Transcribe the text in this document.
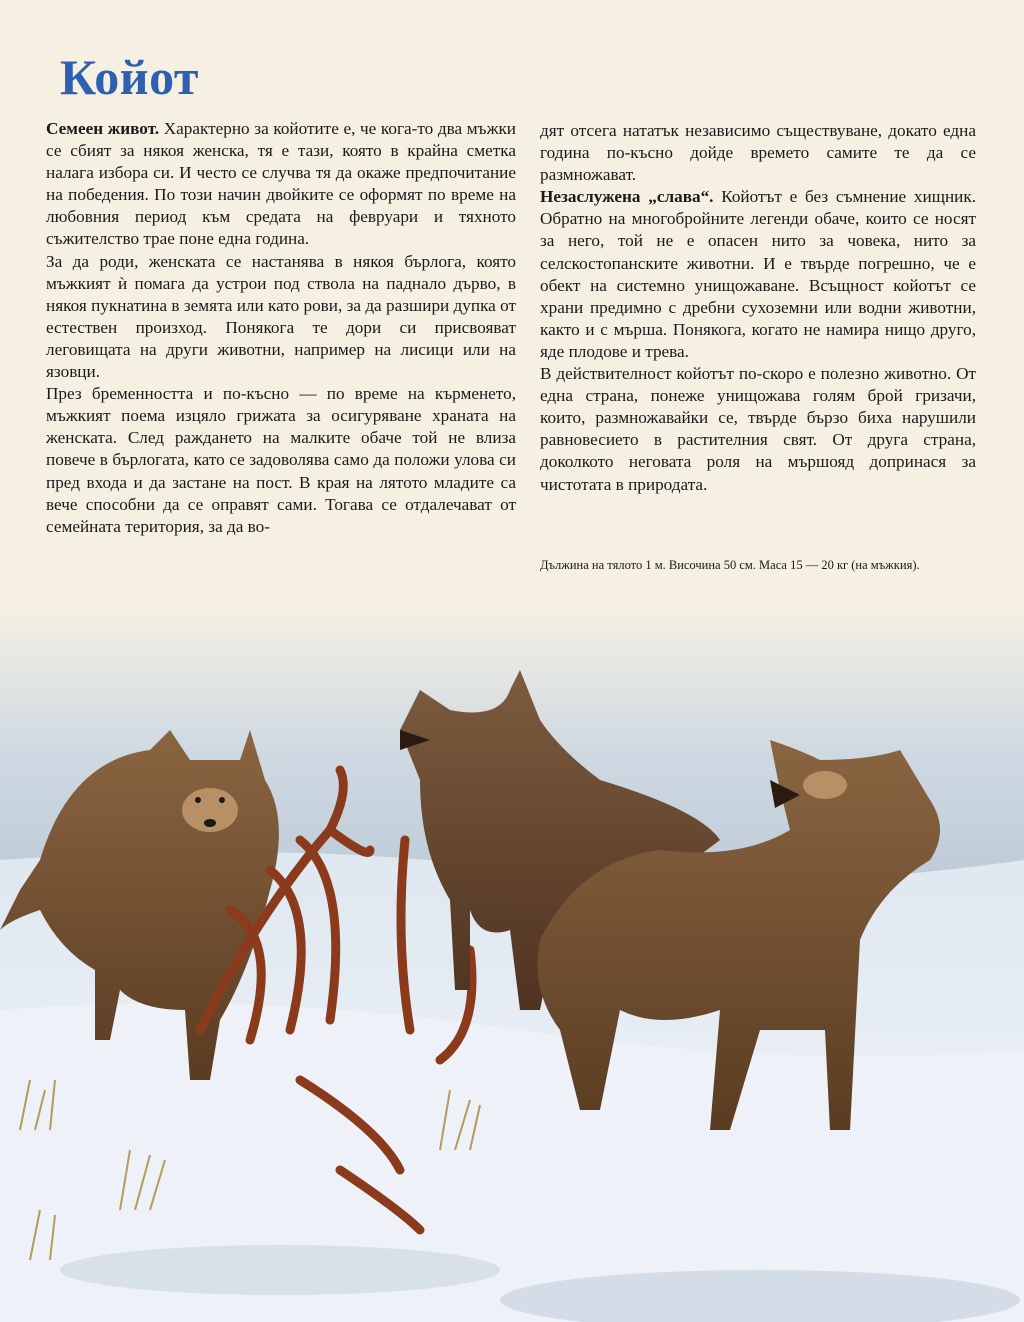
Койот

Семеен живот. Характерно за койотите е, че кога-то два мъжки се сбият за някоя женска, тя е тази, която в крайна сметка налага избора си. И често се случва тя да окаже предпочитание на победения. По този начин двойките се оформят по време на любовния период към средата на февруари и тяхното съжителство трае поне една година.

За да роди, женската се настанява в някоя бърлога, която мъжкият ѝ помага да устрои под ствола на паднало дърво, в някоя пукнатина в земята или като рови, за да разшири дупка от естествен произход. Понякога те дори си присвояват леговищата на други животни, например на лисици или на язовци.

През бременността и по-късно — по време на кърменето, мъжкият поема изцяло грижата за осигуряване храната на женската. След раждането на малките обаче той не влиза повече в бърлогата, като се задоволява само да положи улова си пред входа и да застане на пост. В края на лятото младите са вече способни да се оправят сами. Тогава се отдалечават от семейната територия, за да во-

дят отсега нататък независимо съществуване, докато една година по-късно дойде времето самите те да се размножават.

Незаслужена „слава“. Койотът е без съмнение хищник. Обратно на многобройните легенди обаче, които се носят за него, той не е опасен нито за човека, нито за селскостопанските животни. И е твърде погрешно, че е обект на системно унищожаване. Всъщност койотът се храни предимно с дребни сухоземни или водни животни, както и с мърша. Понякога, когато не намира нищо друго, яде плодове и трева.

В действителност койотът по-скоро е полезно животно. От една страна, понеже унищожава голям брой гризачи, които, размножавайки се, твърде бързо биха нарушили равновесието в растителния свят. От друга страна, доколкото неговата роля на мършояд допринася за чистотата в природата.

Дължина на тялото 1 м. Височина 50 см. Маса 15 — 20 кг (на мъжкия).
